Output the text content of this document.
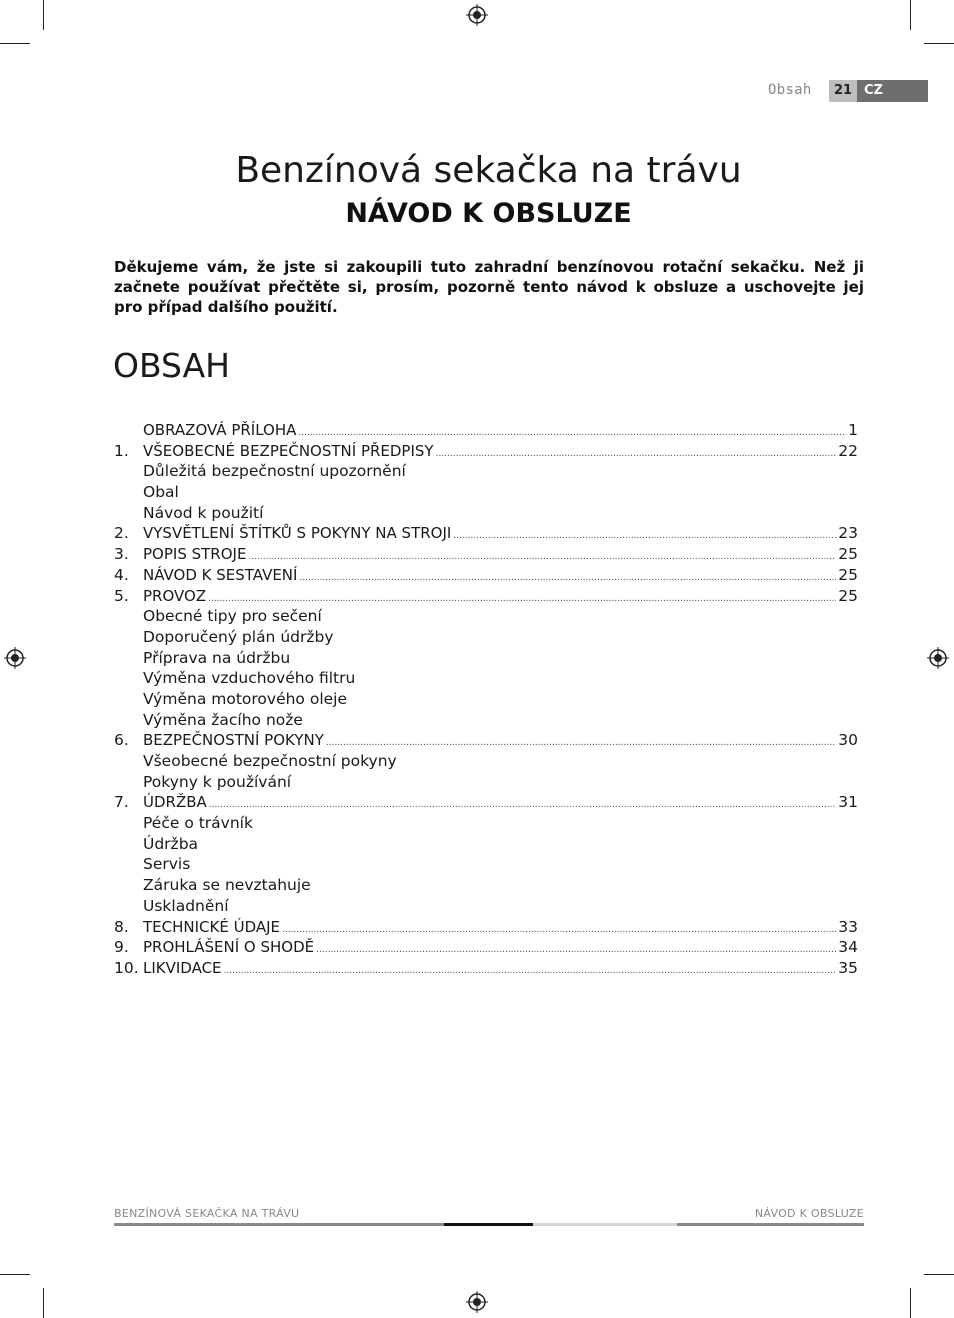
Obsah	21 CZ
Benzínová sekačka na trávu
NÁVOD K OBSLUZE
Děkujeme vám, že jste si zakoupili tuto zahradní benzínovou rotační sekačku. Než ji začnete používat přečtěte si, prosím, pozorně tento návod k obsluze a uschovejte jej pro případ dalšího použití.
OBSAH
OBRAZOVÁ PŘÍLOHA .....	1
1. VŠEOBECNÉ BEZPEČNOSTNÍ PŘEDPISY .....	22
Důležitá bezpečnostní upozornění
Obal
Návod k použití
2. VYSVĚTLENÍ ŠTÍTKŮ S POKYNY NA STROJI .....	23
3. POPIS STROJE .....	25
4. NÁVOD K SESTAVENÍ .....	25
5. PROVOZ .....	25
Obecné tipy pro sečení
Doporučený plán údržby
Příprava na údržbu
Výměna vzduchového filtru
Výměna motorového oleje
Výměna žacího nože
6. BEZPEČNOSTNÍ POKYNY .....	30
Všeobecné bezpečnostní pokyny
Pokyny k používání
7. ÚDRŽBA .....	31
Péče o trávník
Údržba
Servis
Záruka se nevztahuje
Uskladnění
8. TECHNICKÉ ÚDAJE .....	33
9. PROHLÁŠENÍ O SHODĚ .....	34
10. LIKVIDACE .....	35
BENZÍNOVÁ SEKAČKA NA TRÁVU	NÁVOD K OBSLUZE
